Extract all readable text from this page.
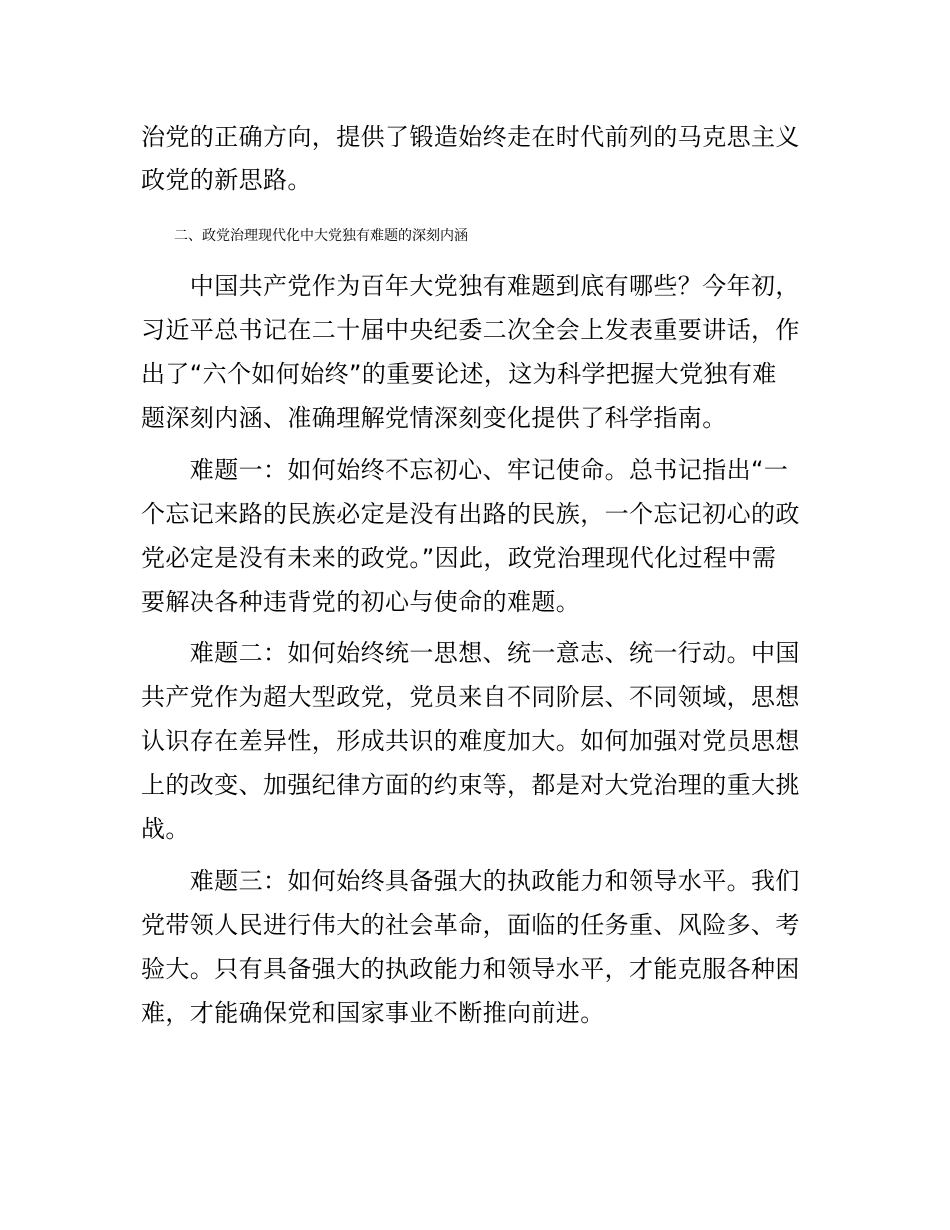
治党的正确方向，提供了锻造始终走在时代前列的马克思主义
政党的新思路。
二、政党治理现代化中大党独有难题的深刻内涵
　　中国共产党作为百年大党独有难题到底有哪些？今年初，
习近平总书记在二十届中央纪委二次全会上发表重要讲话，作
出了“六个如何始终”的重要论述，这为科学把握大党独有难
题深刻内涵、准确理解党情深刻变化提供了科学指南。
　　难题一：如何始终不忘初心、牢记使命。总书记指出“一
个忘记来路的民族必定是没有出路的民族，一个忘记初心的政
党必定是没有未来的政党。”因此，政党治理现代化过程中需
要解决各种违背党的初心与使命的难题。
　　难题二：如何始终统一思想、统一意志、统一行动。中国
共产党作为超大型政党，党员来自不同阶层、不同领域，思想
认识存在差异性，形成共识的难度加大。如何加强对党员思想
上的改变、加强纪律方面的约束等，都是对大党治理的重大挑
战。
　　难题三：如何始终具备强大的执政能力和领导水平。我们
党带领人民进行伟大的社会革命，面临的任务重、风险多、考
验大。只有具备强大的执政能力和领导水平，才能克服各种困
难，才能确保党和国家事业不断推向前进。
